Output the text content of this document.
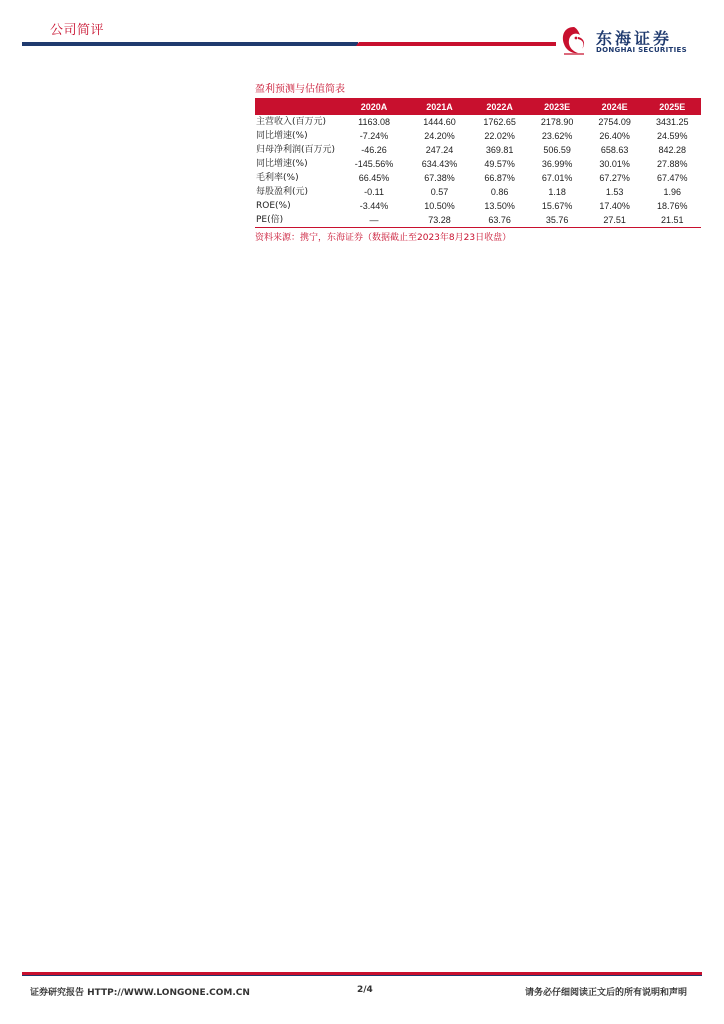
公司简评	东海证券
DONGHAI SECURITIES
盈利预测与估值简表
	2020A	2021A	2022A	2023E	2024E	2025E
主营收入(百万元)	1163.08	1444.60	1762.65	2178.90	2754.09	3431.25
同比增速(%)	-7.24%	24.20%	22.02%	23.62%	26.40%	24.59%
归母净利润(百万元)	-46.26	247.24	369.81	506.59	658.63	842.28
同比增速(%)	-145.56%	634.43%	49.57%	36.99%	30.01%	27.88%
毛利率(%)	66.45%	67.38%	66.87%	67.01%	67.27%	67.47%
每股盈利(元)	-0.11	0.57	0.86	1.18	1.53	1.96
ROE(%)	-3.44%	10.50%	13.50%	15.67%	17.40%	18.76%
PE(倍)	—	73.28	63.76	35.76	27.51	21.51
资料来源：携宁，东海证券（数据截止至2023年8月23日收盘）
证券研究报告 HTTP://WWW.LONGONE.COM.CN	2/4	请务必仔细阅读正文后的所有说明和声明
